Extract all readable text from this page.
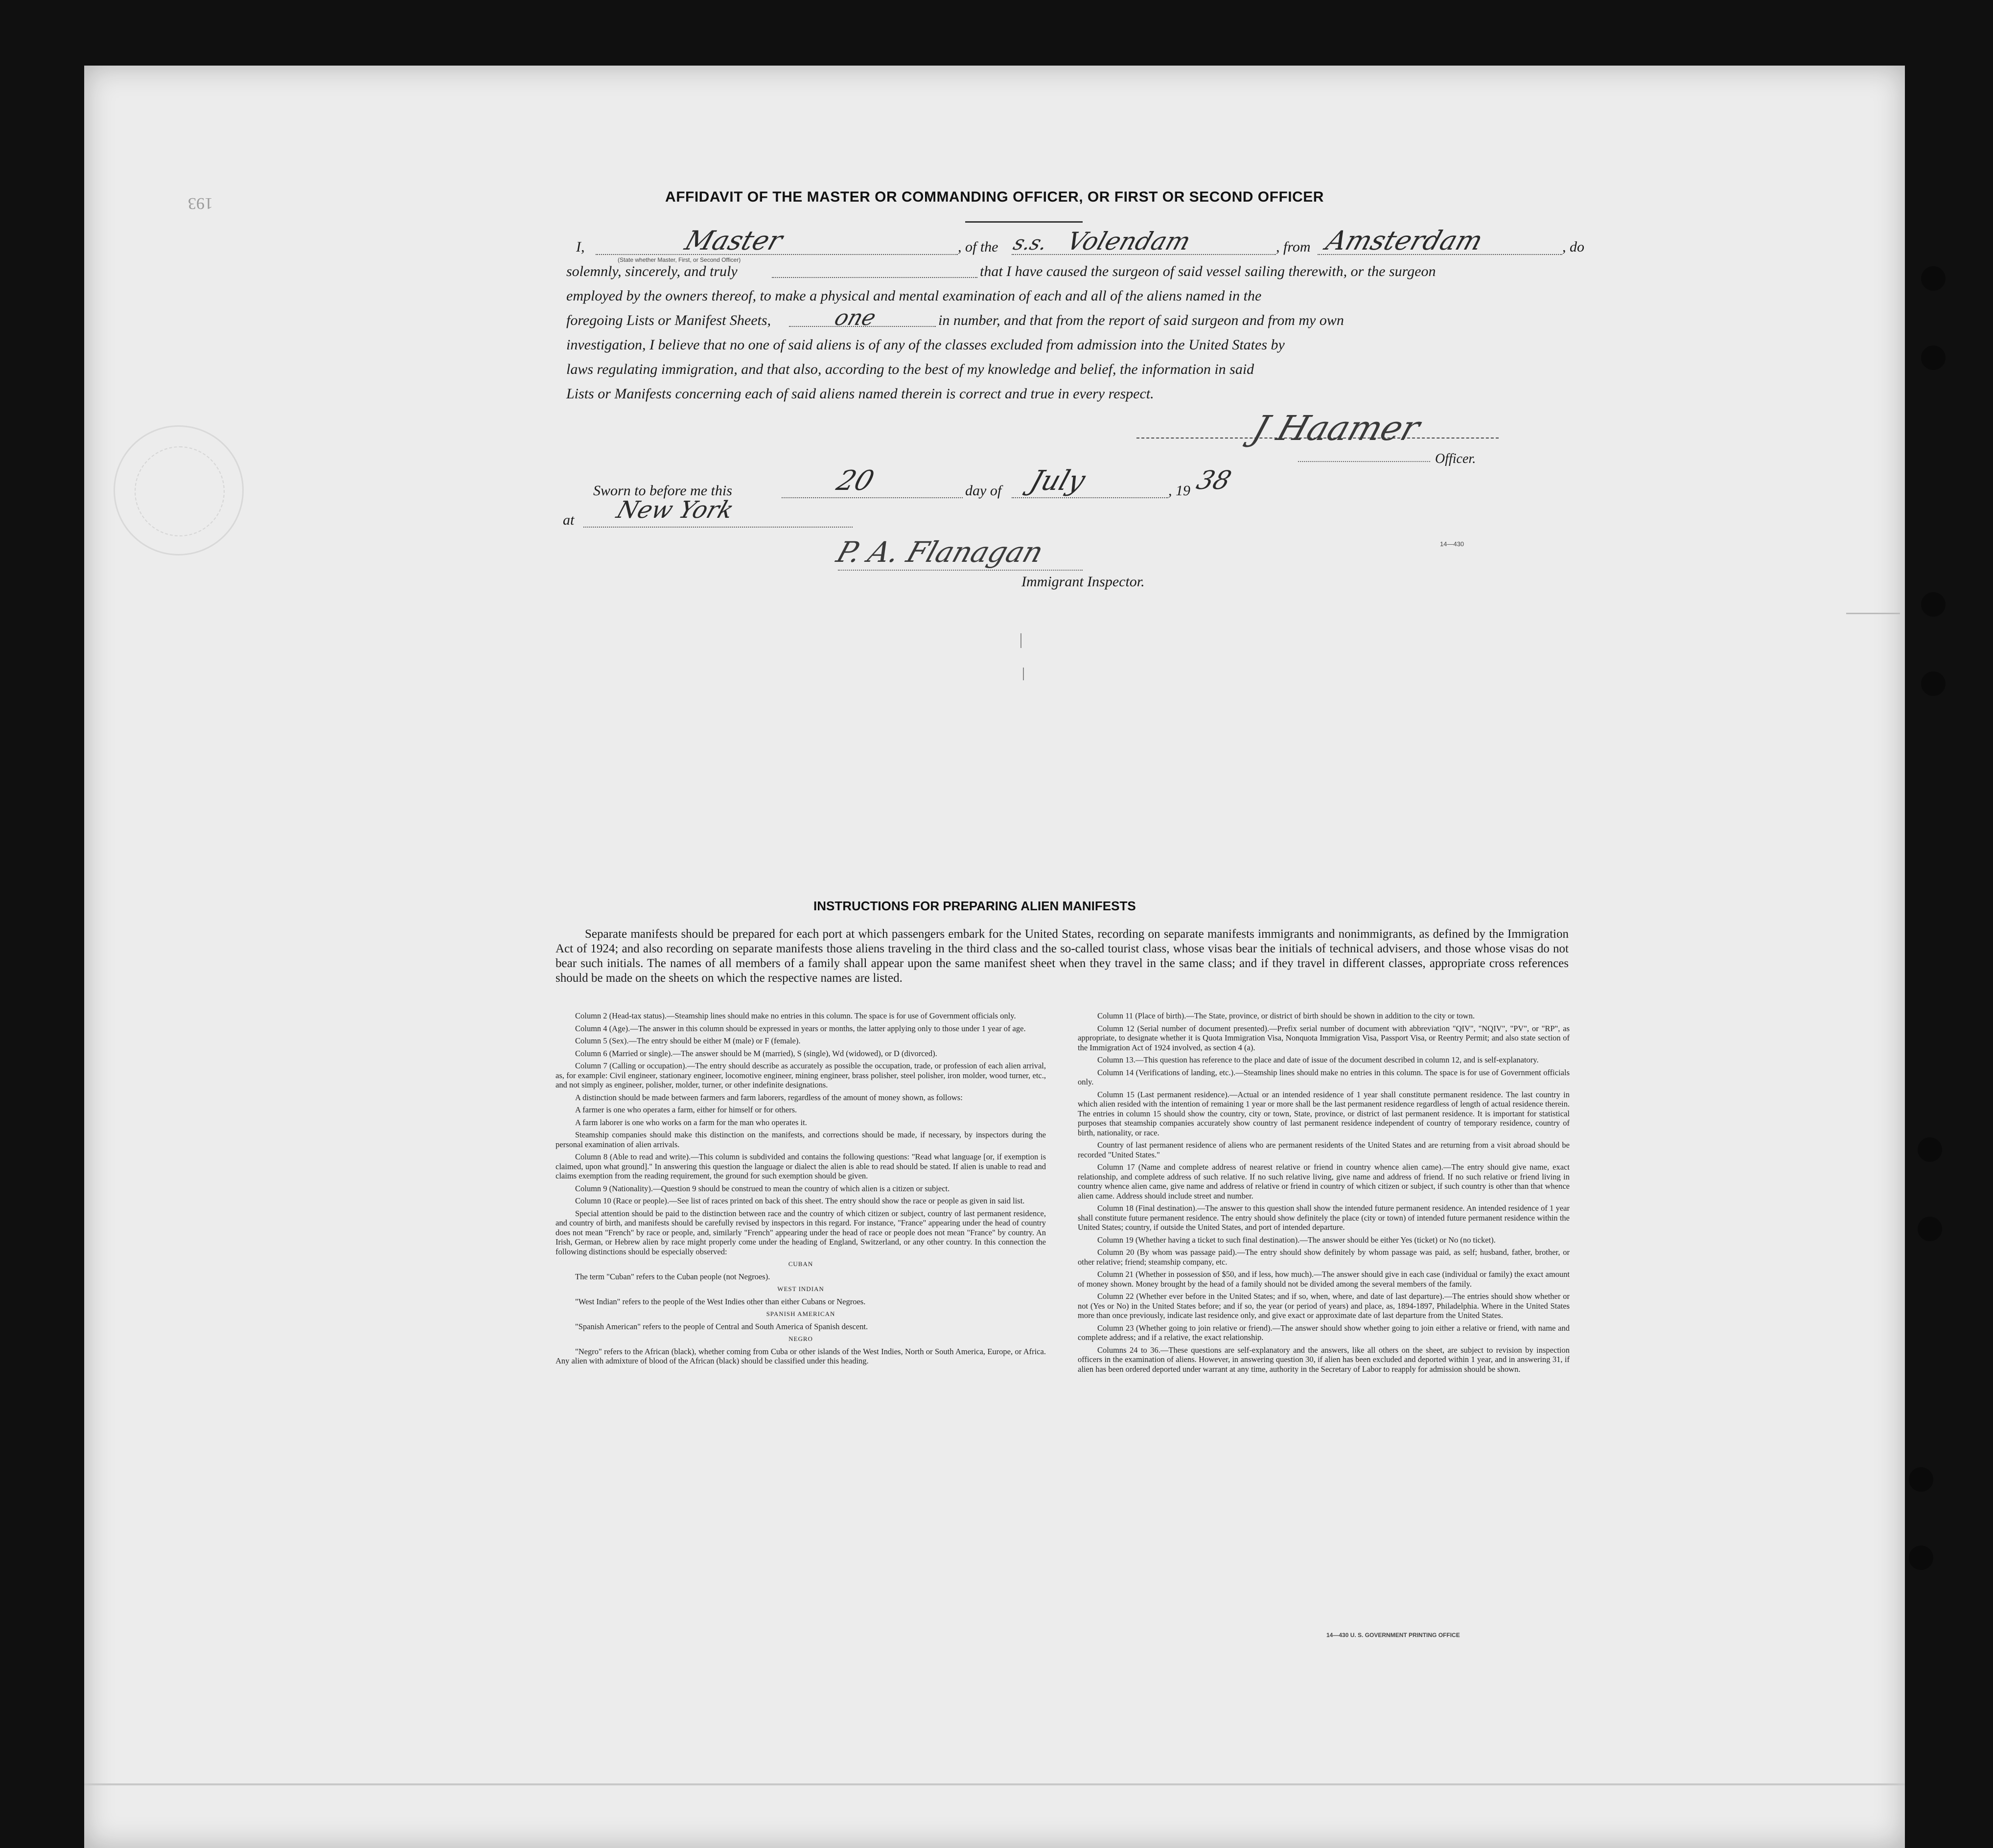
193	AFFIDAVIT OF THE MASTER OR COMMANDING OFFICER, OR FIRST OR SECOND OFFICER
I,	Master
(State whether Master, First, or Second Officer)
, of the s.s. Volendam	, from Amsterdam	, do
solemnly, sincerely, and truly	that I have caused the surgeon of said vessel sailing therewith, or the surgeon
employed by the owners thereof, to make a physical and mental examination of each and all of the aliens named in the
foregoing Lists or Manifest Sheets,	one	in number, and that from the report of said surgeon and from my own
investigation, I believe that no one of said aliens is of any of the classes excluded from admission into the United States by
laws regulating immigration, and that also, according to the best of my knowledge and belief, the information in said
Lists or Manifests concerning each of said aliens named therein is correct and true in every respect.
J Haamer
Officer.
Sworn to before me this	20	day of July	, 19 38
at New York
P. A. Flanagan
Immigrant Inspector.
14—430
INSTRUCTIONS FOR PREPARING ALIEN MANIFESTS
Separate manifests should be prepared for each port at which passengers embark for the United States, recording on separate manifests immigrants and nonimmigrants, as defined by the Immigration Act of 1924; and also recording on separate manifests those aliens traveling in the third class and the so-called tourist class, whose visas bear the initials of technical advisers, and those whose visas do not bear such initials. The names of all members of a family shall appear upon the same manifest sheet when they travel in the same class; and if they travel in different classes, appropriate cross references should be made on the sheets on which the respective names are listed.

Column 2 (Head-tax status).—Steamship lines should make no entries in this column. The space is for use of Government officials only.

Column 4 (Age).—The answer in this column should be expressed in years or months, the latter applying only to those under 1 year of age.

Column 5 (Sex).—The entry should be either M (male) or F (female).

Column 6 (Married or single).—The answer should be M (married), S (single), Wd (widowed), or D (divorced).

Column 7 (Calling or occupation).—The entry should describe as accurately as possible the occupation, trade, or profession of each alien arrival, as, for example: Civil engineer, stationary engineer, locomotive engineer, mining engineer, brass polisher, steel polisher, iron molder, wood turner, etc., and not simply as engineer, polisher, molder, turner, or other indefinite designations.

A distinction should be made between farmers and farm laborers, regardless of the amount of money shown, as follows:

A farmer is one who operates a farm, either for himself or for others.

A farm laborer is one who works on a farm for the man who operates it.

Steamship companies should make this distinction on the manifests, and corrections should be made, if necessary, by inspectors during the personal examination of alien arrivals.

Column 8 (Able to read and write).—This column is subdivided and contains the following questions: "Read what language [or, if exemption is claimed, upon what ground]." In answering this question the language or dialect the alien is able to read should be stated. If alien is unable to read and claims exemption from the reading requirement, the ground for such exemption should be given.

Column 9 (Nationality).—Question 9 should be construed to mean the country of which alien is a citizen or subject.

Column 10 (Race or people).—See list of races printed on back of this sheet. The entry should show the race or people as given in said list.

Special attention should be paid to the distinction between race and the country of which citizen or subject, country of last permanent residence, and country of birth, and manifests should be carefully revised by inspectors in this regard. For instance, "France" appearing under the head of country does not mean "French" by race or people, and, similarly "French" appearing under the head of race or people does not mean "France" by country. An Irish, German, or Hebrew alien by race might properly come under the heading of England, Switzerland, or any other country. In this connection the following distinctions should be especially observed:

CUBAN

The term "Cuban" refers to the Cuban people (not Negroes).

WEST INDIAN

"West Indian" refers to the people of the West Indies other than either Cubans or Negroes.

SPANISH AMERICAN

"Spanish American" refers to the people of Central and South America of Spanish descent.

NEGRO

"Negro" refers to the African (black), whether coming from Cuba or other islands of the West Indies, North or South America, Europe, or Africa. Any alien with admixture of blood of the African (black) should be classified under this heading.

Column 11 (Place of birth).—The State, province, or district of birth should be shown in addition to the city or town.

Column 12 (Serial number of document presented).—Prefix serial number of document with abbreviation "QIV", "NQIV", "PV", or "RP", as appropriate, to designate whether it is Quota Immigration Visa, Nonquota Immigration Visa, Passport Visa, or Reentry Permit; and also state section of the Immigration Act of 1924 involved, as section 4 (a).

Column 13.—This question has reference to the place and date of issue of the document described in column 12, and is self-explanatory.

Column 14 (Verifications of landing, etc.).—Steamship lines should make no entries in this column. The space is for use of Government officials only.

Column 15 (Last permanent residence).—Actual or an intended residence of 1 year shall constitute permanent residence. The last country in which alien resided with the intention of remaining 1 year or more shall be the last permanent residence regardless of length of actual residence therein. The entries in column 15 should show the country, city or town, State, province, or district of last permanent residence. It is important for statistical purposes that steamship companies accurately show country of last permanent residence independent of country of temporary residence, country of birth, nationality, or race.

Country of last permanent residence of aliens who are permanent residents of the United States and are returning from a visit abroad should be recorded "United States."

Column 17 (Name and complete address of nearest relative or friend in country whence alien came).—The entry should give name, exact relationship, and complete address of such relative. If no such relative living, give name and address of friend. If no such relative or friend living in country whence alien came, give name and address of relative or friend in country of which citizen or subject, if such country is other than that whence alien came. Address should include street and number.

Column 18 (Final destination).—The answer to this question shall show the intended future permanent residence. An intended residence of 1 year shall constitute future permanent residence. The entry should show definitely the place (city or town) of intended future permanent residence within the United States; country, if outside the United States, and port of intended departure.

Column 19 (Whether having a ticket to such final destination).—The answer should be either Yes (ticket) or No (no ticket).

Column 20 (By whom was passage paid).—The entry should show definitely by whom passage was paid, as self; husband, father, brother, or other relative; friend; steamship company, etc.

Column 21 (Whether in possession of $50, and if less, how much).—The answer should give in each case (individual or family) the exact amount of money shown. Money brought by the head of a family should not be divided among the several members of the family.

Column 22 (Whether ever before in the United States; and if so, when, where, and date of last departure).—The entries should show whether or not (Yes or No) in the United States before; and if so, the year (or period of years) and place, as, 1894-1897, Philadelphia. Where in the United States more than once previously, indicate last residence only, and give exact or approximate date of last departure from the United States.

Column 23 (Whether going to join relative or friend).—The answer should show whether going to join either a relative or friend, with name and complete address; and if a relative, the exact relationship.

Columns 24 to 36.—These questions are self-explanatory and the answers, like all others on the sheet, are subject to revision by inspection officers in the examination of aliens. However, in answering question 30, if alien has been excluded and deported within 1 year, and in answering 31, if alien has been ordered deported under warrant at any time, authority in the Secretary of Labor to reapply for admission should be shown.

14—430 U. S. GOVERNMENT PRINTING OFFICE
